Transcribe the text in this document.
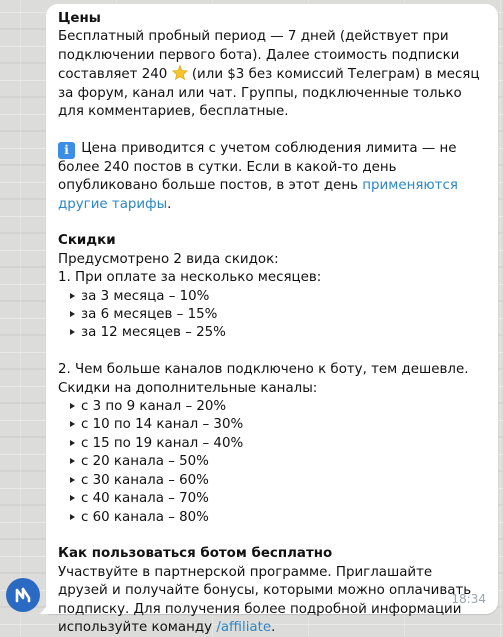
Цены
Бесплатный пробный период — 7 дней (действует при подключении первого бота). Далее стоимость подписки составляет 240 (или $3 без комиссий Телеграм) в месяц за форум, канал или чат. Группы, подключенные только для комментариев, бесплатные.
i Цена приводится с учетом соблюдения лимита — не более 240 постов в сутки. Если в какой-то день опубликовано больше постов, в этот день применяются другие тарифы.
Скидки
Предусмотрено 2 вида скидок:
1. При оплате за несколько месяцев:
за 3 месяца – 10%
за 6 месяцев – 15%
за 12 месяцев – 25%
2. Чем больше каналов подключено к боту, тем дешевле. Скидки на дополнительные каналы:
с 3 по 9 канал – 20%
с 10 по 14 канал – 30%
с 15 по 19 канал – 40%
с 20 канала – 50%
с 30 канала – 60%
с 40 канала – 70%
с 60 канала – 80%
Как пользоваться ботом бесплатно
Участвуйте в партнерской программе. Приглашайте друзей и получайте бонусы, которыми можно оплачивать подписку. Для получения более подробной информации используйте команду /affiliate.
18:34
